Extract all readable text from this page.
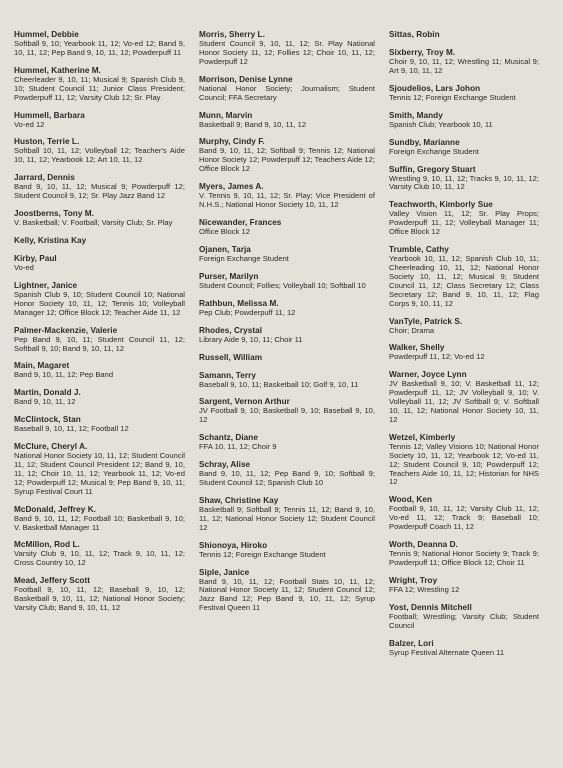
Hummel, Debbie
Softball 9, 10; Yearbook 11, 12; Vo-ed 12; Band 9, 10, 11, 12; Pep Band 9, 10, 11, 12; Powderpuff 11
Hummel, Katherine M.
Cheerleader 9, 10, 11; Musical 9; Spanish Club 9, 10; Student Council 11; Junior Class President; Powderpuff 11, 12; Varsity Club 12; Sr. Play
Hummell, Barbara
Vo-ed 12
Huston, Terrie L.
Softball 10, 11, 12; Volleyball 12; Teacher's Aide 10, 11, 12; Yearbook 12; Art 10, 11, 12
Jarrard, Dennis
Band 9, 10, 11, 12; Musical 9; Powderpuff 12; Student Council 9, 12; Sr. Play Jazz Band 12
Joostberns, Tony M.
V. Basketball; V. Football; Varsity Club; Sr. Play
Kelly, Kristina Kay
Kirby, Paul
Vo-ed
Lightner, Janice
Spanish Club 9, 10; Student Council 10; National Honor Society 10, 11, 12; Tennis 10; Volleyball Manager 12; Office Block 12; Teacher Aide 11, 12
Palmer-Mackenzie, Valerie
Pep Band 9, 10, 11; Student Council 11, 12; Softball 9, 10; Band 9, 10, 11, 12
Main, Magaret
Band 9, 10, 11, 12; Pep Band
Martin, Donald J.
Band 9, 10, 11, 12
McClintock, Stan
Baseball 9, 10, 11, 12; Football 12
McClure, Cheryl A.
National Honor Society 10, 11, 12; Student Council 11, 12; Student Council President 12; Band 9, 10, 11, 12; Choir 10, 11, 12; Yearbook 11, 12; Vo-ed 12; Powderpuff 12; Musical 9; Pep Band 9, 10, 11; Syrup Festival Court 11
McDonald, Jeffrey K.
Band 9, 10, 11, 12; Football 10; Basketball 9, 10; V. Basketball Manager 11
McMillon, Rod L.
Varsity Club 9, 10, 11, 12; Track 9, 10, 11, 12; Cross Country 10, 12
Mead, Jeffery Scott
Football 9, 10, 11, 12; Baseball 9, 10, 12; Basketball 9, 10, 11, 12; National Honor Society; Varsity Club; Band 9, 10, 11, 12
Morris, Sherry L.
Student Council 9, 10, 11, 12; Sr. Play National Honor Society 11, 12; Follies 12; Choir 10, 11, 12; Powderpuff 12
Morrison, Denise Lynne
National Honor Society; Journalism; Student Council; FFA Secretary
Munn, Marvin
Basketball 9; Band 9, 10, 11, 12
Murphy, Cindy F.
Band 9, 10, 11, 12; Softball 9; Tennis 12; National Honor Society 12; Powderpuff 12; Teachers Aide 12; Office Block 12
Myers, James A.
V. Tennis 9, 10, 11, 12; Sr. Play; Vice President of N.H.S.; National Honor Society 10, 11, 12
Nicewander, Frances
Office Block 12
Ojanen, Tarja
Foreign Exchange Student
Purser, Marilyn
Student Council; Follies; Volleyball 10; Softball 10
Rathbun, Melissa M.
Pep Club; Powderpuff 11, 12
Rhodes, Crystal
Library Aide 9, 10, 11; Choir 11
Russell, William
Samann, Terry
Baseball 9, 10, 11; Basketball 10; Golf 9, 10, 11
Sargent, Vernon Arthur
JV Football 9, 10; Basketball 9, 10; Baseball 9, 10, 12
Schantz, Diane
FFA 10, 11, 12; Choir 9
Schray, Alise
Band 9, 10, 11, 12; Pep Band 9, 10; Softball 9; Student Council 12; Spanish Club 10
Shaw, Christine Kay
Basketball 9; Softball 9; Tennis 11, 12; Band 9, 10, 11, 12; National Honor Society 12; Student Council 12
Shionoya, Hiroko
Tennis 12; Foreign Exchange Student
Siple, Janice
Band 9, 10, 11, 12; Football Stats 10, 11, 12; National Honor Society 11, 12; Student Council 12; Jazz Band 12; Pep Band 9, 10, 11, 12; Syrup Festival Queen 11
Sittas, Robin
Sixberry, Troy M.
Choir 9, 10, 11, 12; Wrestling 11; Musical 9; Art 9, 10, 11, 12
Sjoudelios, Lars Johon
Tennis 12; Foreign Exchange Student
Smith, Mandy
Spanish Club; Yearbook 10, 11
Sundby, Marianne
Foreign Exchange Student
Suffin, Gregory Stuart
Wrestling 9, 10, 11, 12; Tracks 9, 10, 11, 12; Varsity Club 10, 11, 12
Teachworth, Kimborly Sue
Valley Vision 11, 12; Sr. Play Props; Powderpuff 11, 12; Volleyball Manager 11; Office Block 12
Trumble, Cathy
Yearbook 10, 11, 12; Spanish Club 10, 11; Cheerleading 10, 11, 12; National Honor Society 10, 11, 12; Musical 9; Student Council 11, 12; Class Secretary 12; Class Secretary 12; Band 9, 10, 11, 12; Flag Corps 9, 10, 11, 12
VanTyle, Patrick S.
Choir; Drama
Walker, Shelly
Powderpuff 11, 12; Vo-ed 12
Warner, Joyce Lynn
JV Basketball 9, 10; V. Basketball 11, 12; Powderpuff 11, 12; JV Volleyball 9, 10; V. Volleyball 11, 12; JV Softball 9; V. Softball 10, 11, 12; National Honor Society 10, 11, 12
Wetzel, Kimberly
Tennis 12; Valley Visions 10; National Honor Society 10, 11, 12; Yearbook 12; Vo-ed 11, 12; Student Council 9, 10; Powderpuff 12; Teachers Aide 10, 11, 12; Historian for NHS 12
Wood, Ken
Football 9, 10, 11, 12; Varsity Club 11, 12; Vo-ed 11, 12; Track 9; Baseball 10; Powderpuff Coach 11, 12
Worth, Deanna D.
Tennis 9; National Honor Society 9; Track 9; Powderpuff 11; Office Block 12; Choir 11
Wright, Troy
FFA 12; Wrestling 12
Yost, Dennis Mitchell
Football; Wrestling; Varsity Club; Student Council
Balzer, Lori
Syrup Festival Alternate Queen 11
